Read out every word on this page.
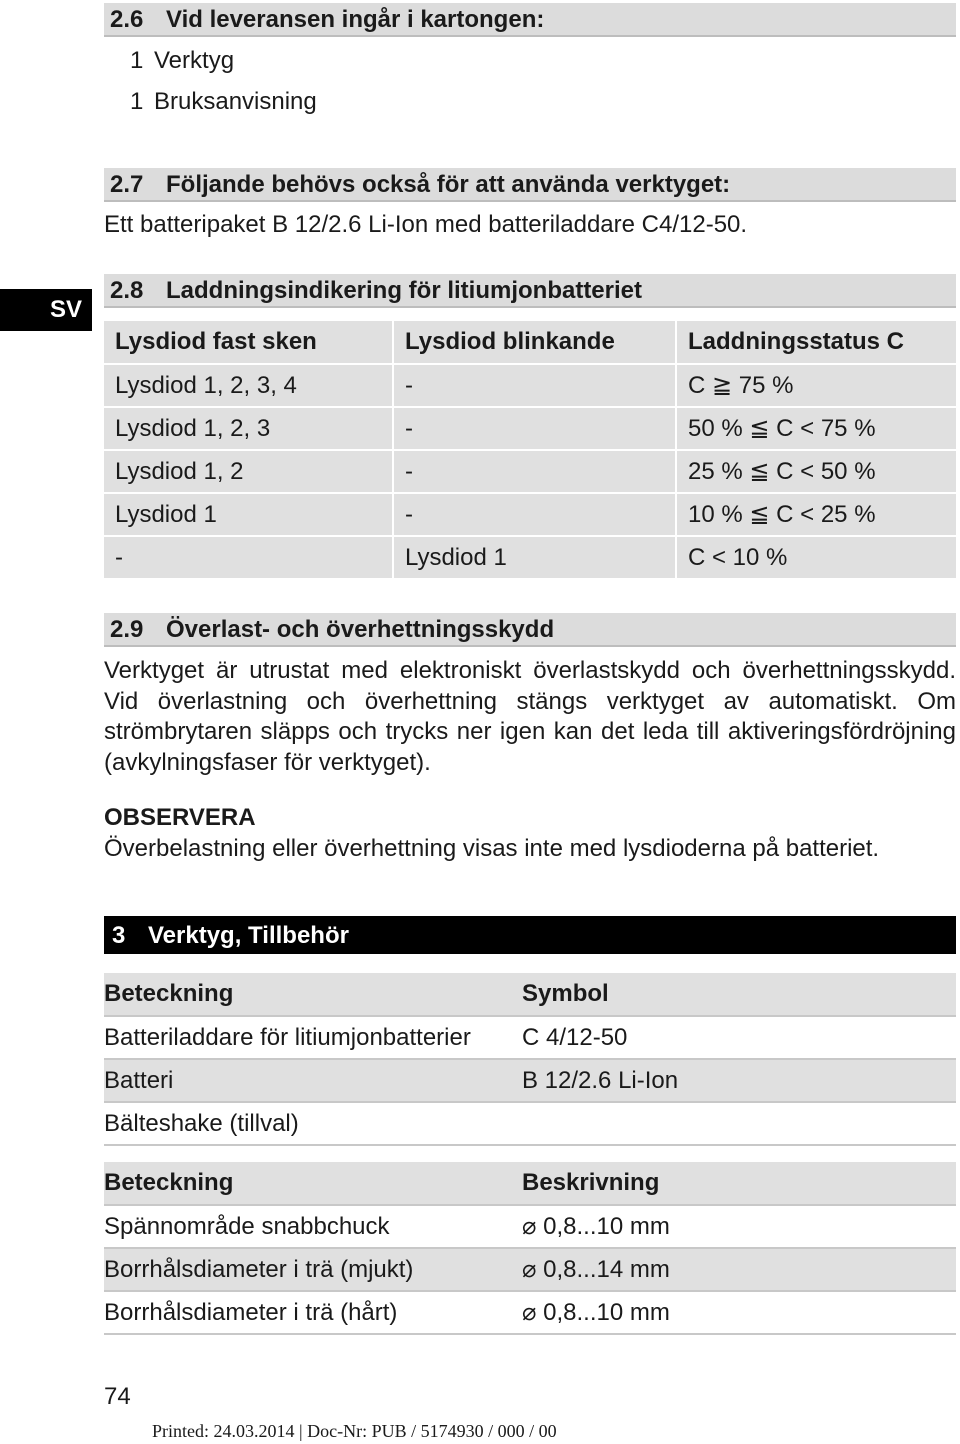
2.6 Vid leveransen ingår i kartongen:
1 Verktyg
1 Bruksanvisning
2.7 Följande behövs också för att använda verktyget:
Ett batteripaket B 12/2.6 Li-Ion med batteriladdare C4/12-50.
SV
2.8 Laddningsindikering för litiumjonbatteriet
Lysdiod fast sken	Lysdiod blinkande	Laddningsstatus C
Lysdiod 1, 2, 3, 4	-	C ≧ 75 %
Lysdiod 1, 2, 3	-	50 % ≦ C < 75 %
Lysdiod 1, 2	-	25 % ≦ C < 50 %
Lysdiod 1	-	10 % ≦ C < 25 %
-	Lysdiod 1	C < 10 %
2.9 Överlast- och överhettningsskydd
Verktyget är utrustat med elektroniskt överlastskydd och överhettningsskydd. Vid överlastning och överhettning stängs verktyget av automatiskt. Om strömbrytaren släpps och trycks ner igen kan det leda till aktiveringsfördröjning (avkylningsfaser för verktyget).
OBSERVERA
Överbelastning eller överhettning visas inte med lysdioderna på batteriet.
3 Verktyg, Tillbehör
Beteckning	Symbol
Batteriladdare för litiumjonbatterier	C 4/12-50
Batteri	B 12/2.6 Li-Ion
Bälteshake (tillval)	
Beteckning	Beskrivning
Spännområde snabbchuck	⌀ 0,8...10 mm
Borrhålsdiameter i trä (mjukt)	⌀ 0,8...14 mm
Borrhålsdiameter i trä (hårt)	⌀ 0,8...10 mm
74
Printed: 24.03.2014 | Doc-Nr: PUB / 5174930 / 000 / 00
